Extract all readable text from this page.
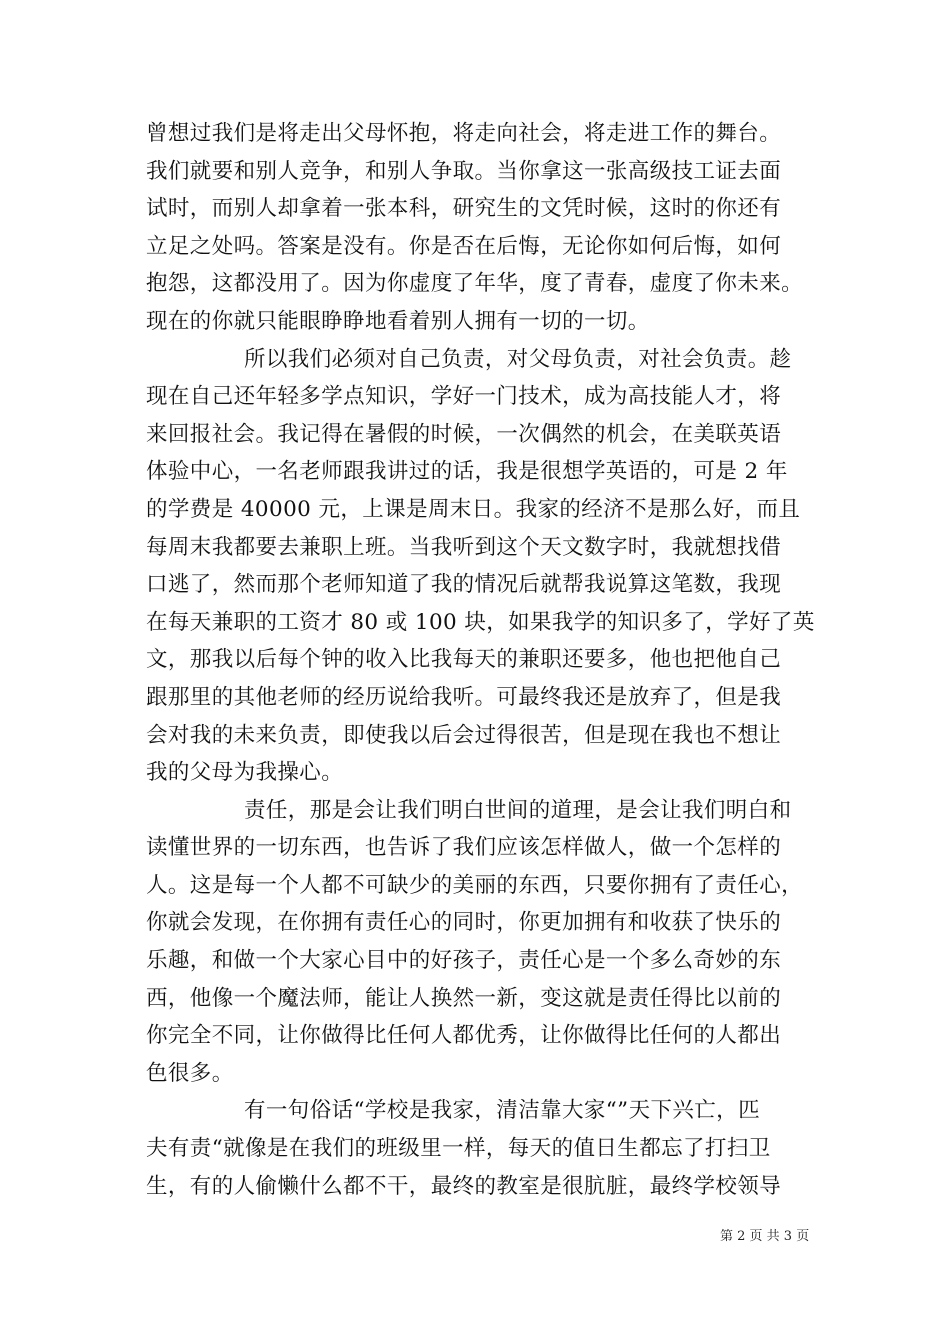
曾想过我们是将走出父母怀抱，将走向社会，将走进工作的舞台。
我们就要和别人竞争，和别人争取。当你拿这一张高级技工证去面
试时，而别人却拿着一张本科，研究生的文凭时候，这时的你还有
立足之处吗。答案是没有。你是否在后悔，无论你如何后悔，如何
抱怨，这都没用了。因为你虚度了年华，度了青春，虚度了你未来。
现在的你就只能眼睁睁地看着别人拥有一切的一切。
所以我们必须对自己负责，对父母负责，对社会负责。趁
现在自己还年轻多学点知识，学好一门技术，成为高技能人才，将
来回报社会。我记得在暑假的时候，一次偶然的机会，在美联英语
体验中心，一名老师跟我讲过的话，我是很想学英语的，可是 2 年
的学费是 40000 元，上课是周末日。我家的经济不是那么好，而且
每周末我都要去兼职上班。当我听到这个天文数字时，我就想找借
口逃了，然而那个老师知道了我的情况后就帮我说算这笔数，我现
在每天兼职的工资才 80 或 100 块，如果我学的知识多了，学好了英
文，那我以后每个钟的收入比我每天的兼职还要多，他也把他自己
跟那里的其他老师的经历说给我听。可最终我还是放弃了，但是我
会对我的未来负责，即使我以后会过得很苦，但是现在我也不想让
我的父母为我操心。
责任，那是会让我们明白世间的道理，是会让我们明白和
读懂世界的一切东西，也告诉了我们应该怎样做人，做一个怎样的
人。这是每一个人都不可缺少的美丽的东西，只要你拥有了责任心，
你就会发现，在你拥有责任心的同时，你更加拥有和收获了快乐的
乐趣，和做一个大家心目中的好孩子，责任心是一个多么奇妙的东
西，他像一个魔法师，能让人换然一新，变这就是责任得比以前的
你完全不同，让你做得比任何人都优秀，让你做得比任何的人都出
色很多。
有一句俗话“学校是我家，清洁靠大家“”天下兴亡，匹
夫有责“就像是在我们的班级里一样，每天的值日生都忘了打扫卫
生，有的人偷懒什么都不干，最终的教室是很肮脏，最终学校领导
第 2 页 共 3 页
